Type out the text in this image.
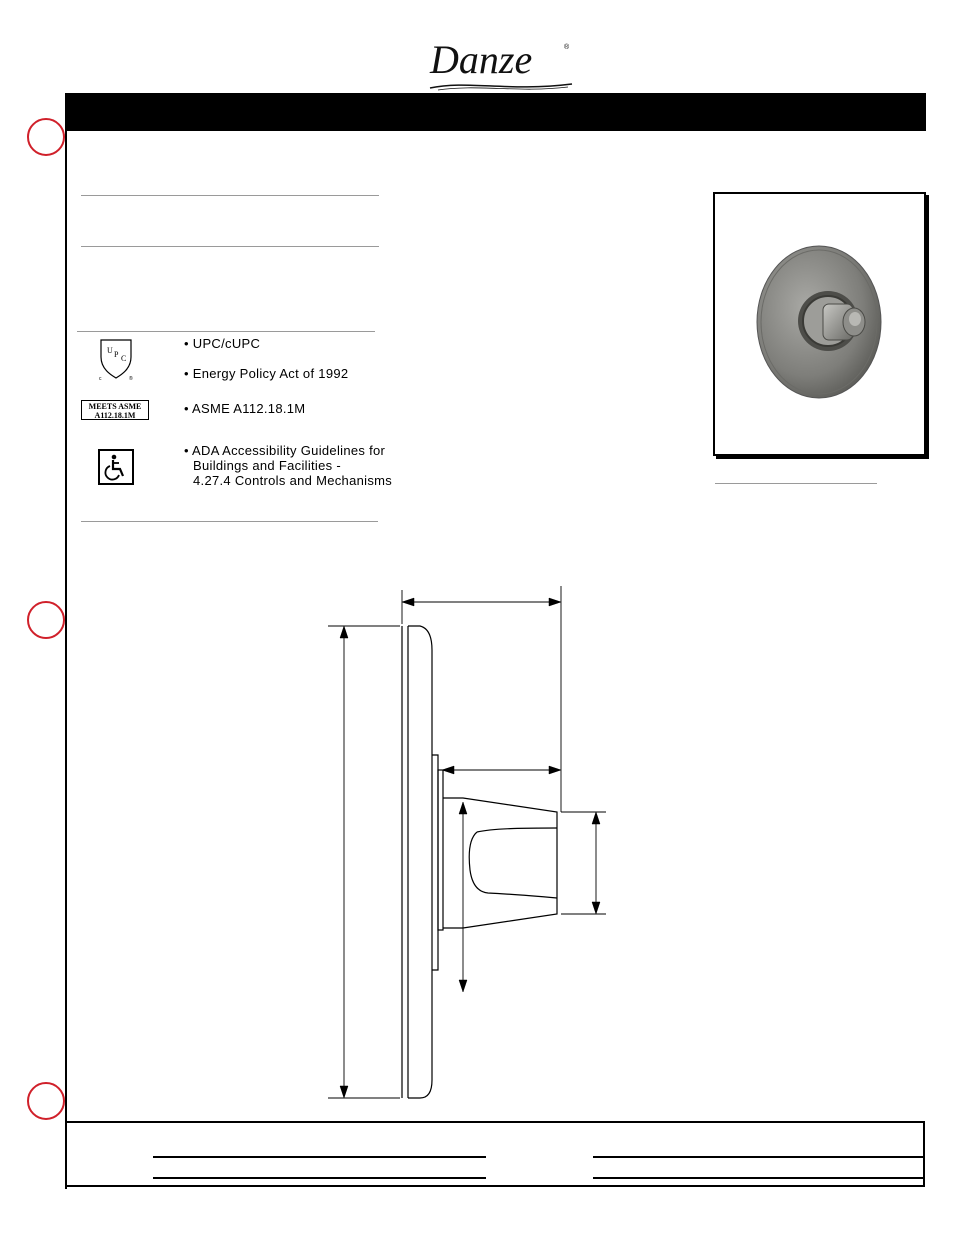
Danze	®
U P C
c	®
• UPC/cUPC
• Energy Policy Act of 1992
MEETS ASME
A112.18.1M	• ASME A112.18.1M
• ADA Accessibility Guidelines for
Buildings and Facilities -
4.27.4 Controls and Mechanisms
